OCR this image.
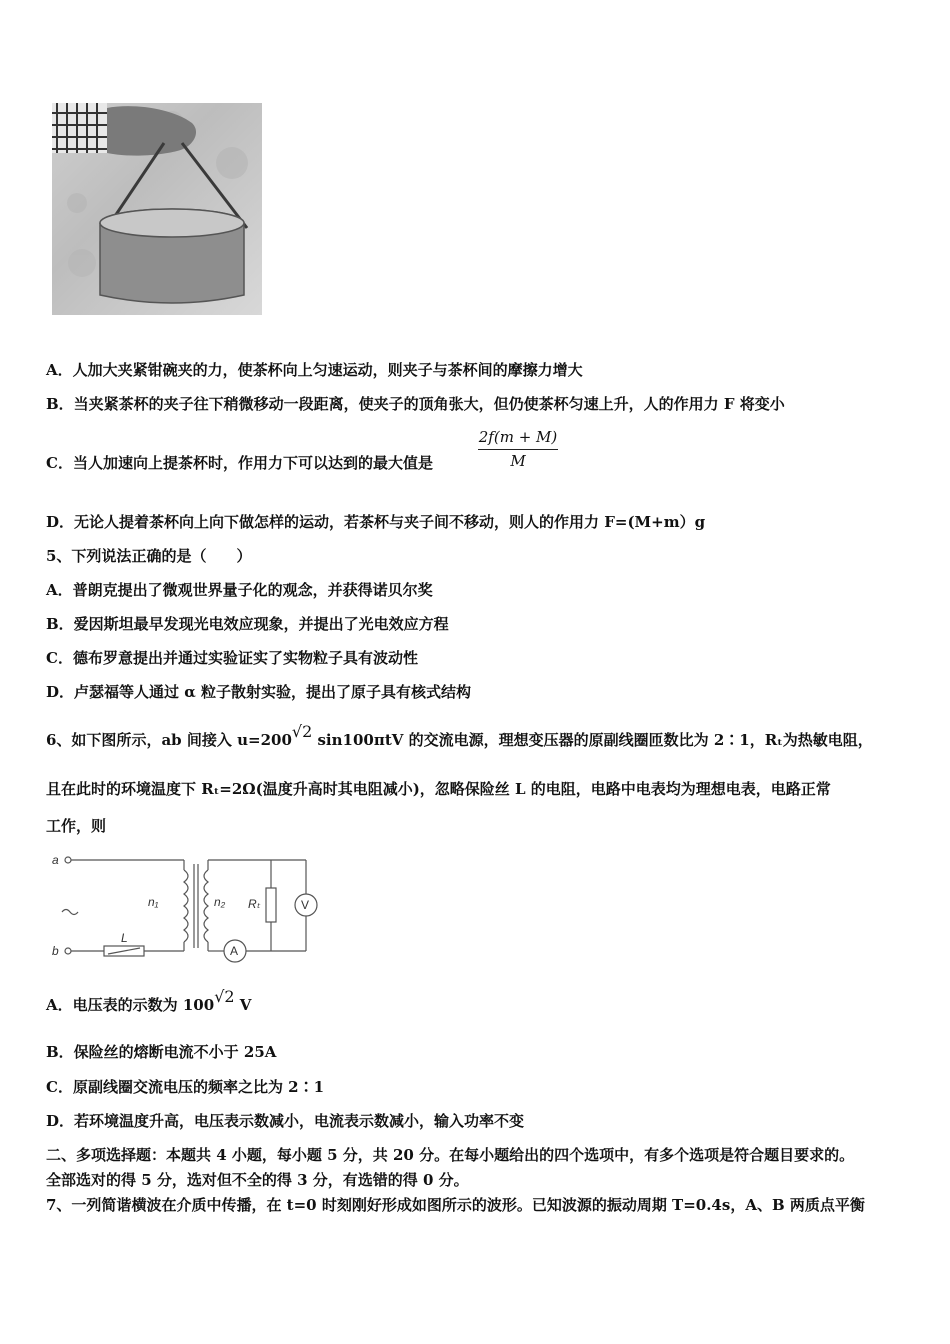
A．人加大夹紧钳碗夹的力，使茶杯向上匀速运动，则夹子与茶杯间的摩擦力增大
B．当夹紧茶杯的夹子往下稍微移动一段距离，使夹子的顶角张大，但仍使茶杯匀速上升，人的作用力 F 将变小
C．当人加速向上提茶杯时，作用力下可以达到的最大值是	$\frac{2f(m + M)}{M}$
D．无论人提着茶杯向上向下做怎样的运动，若茶杯与夹子间不移动，则人的作用力 F=(M+m）g
5、下列说法正确的是（　　）
A．普朗克提出了微观世界量子化的观念，并获得诺贝尔奖
B．爱因斯坦最早发现光电效应现象，并提出了光电效应方程
C．德布罗意提出并通过实验证实了实物粒子具有波动性
D．卢瑟福等人通过 α 粒子散射实验，提出了原子具有核式结构
6、如下图所示，ab 间接入 u=200√2 sin100πtV 的交流电源，理想变压器的原副线圈匝数比为 2∶1，Rₜ为热敏电阻，
且在此时的环境温度下 Rₜ=2Ω(温度升高时其电阻减小)，忽略保险丝 L 的电阻，电路中电表均为理想电表，电路正常
工作，则
a
b
n₁	n₂ Rₜ	V
A
L
A．电压表的示数为 100√2 V
B．保险丝的熔断电流不小于 25A
C．原副线圈交流电压的频率之比为 2∶1
D．若环境温度升高，电压表示数减小，电流表示数减小，输入功率不变
二、多项选择题：本题共 4 小题，每小题 5 分，共 20 分。在每小题给出的四个选项中，有多个选项是符合题目要求的。
全部选对的得 5 分，选对但不全的得 3 分，有选错的得 0 分。
7、一列简谐横波在介质中传播，在 t=0 时刻刚好形成如图所示的波形。已知波源的振动周期 T=0.4s，A、B 两质点平衡
